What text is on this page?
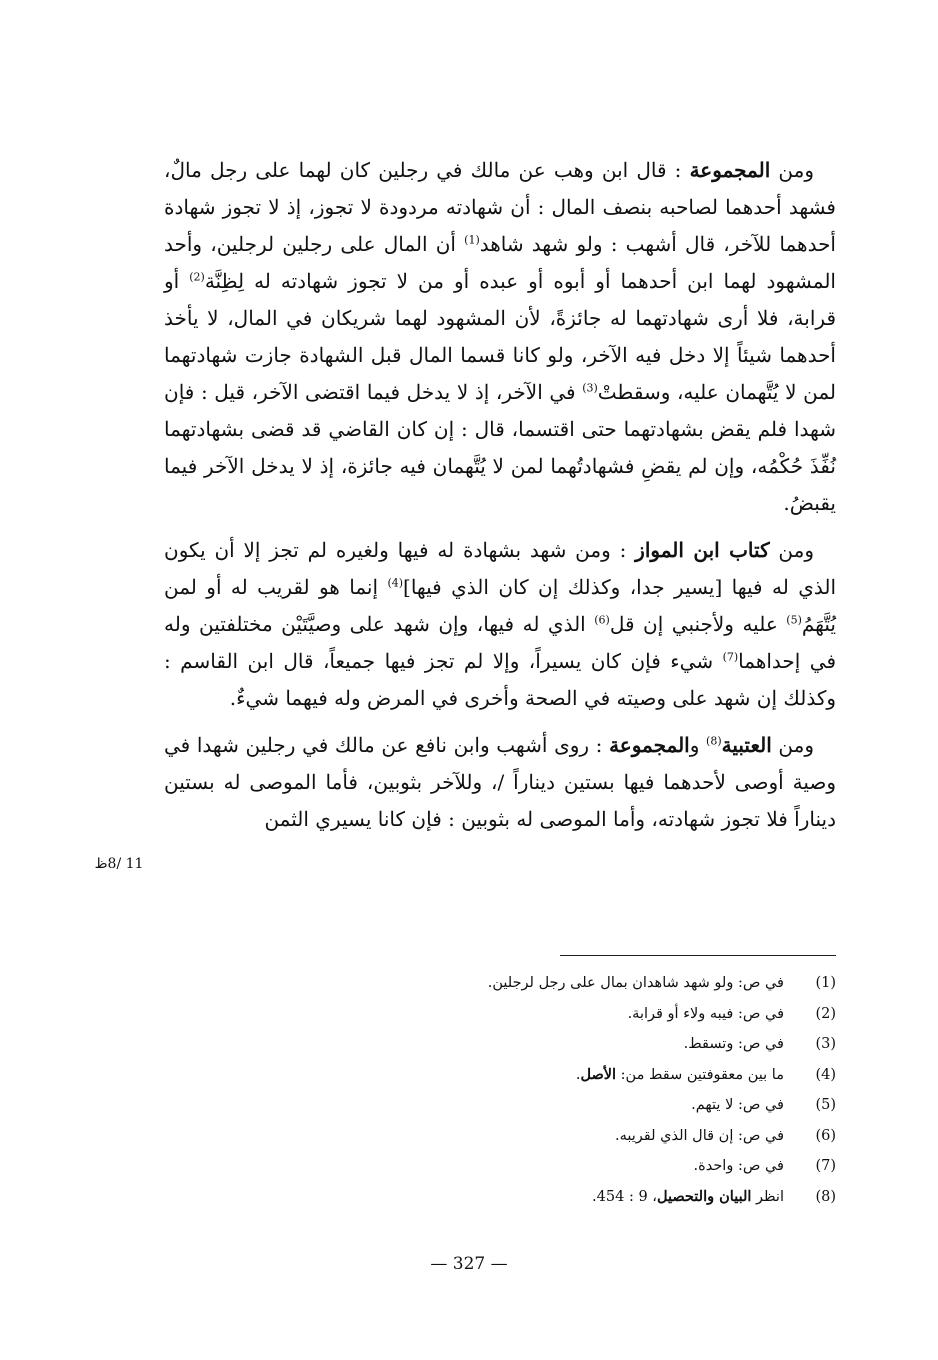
ومن المجموعة : قال ابن وهب عن مالك في رجلين كان لهما على رجل مالٌ، فشهد أحدهما لصاحبه بنصف المال : أن شهادته مردودة لا تجوز، إذ لا تجوز شهادة أحدهما للآخر، قال أشهب : ولو شهد شاهد$^{(1)}$ أن المال على رجلين لرجلين، وأحد المشهود لهما ابن أحدهما أو أبوه أو عبده أو من لا تجوز شهادته له لِظِنَّة$^{(2)}$ أو قرابة، فلا أرى شهادتهما له جائزةً، لأن المشهود لهما شريكان في المال، لا يأخذ أحدهما شيئاً إلا دخل فيه الآخر، ولو كانا قسما المال قبل الشهادة جازت شهادتهما لمن لا يُتَّهمان عليه، وسقطتْ$^{(3)}$ في الآخر، إذ لا يدخل فيما اقتضى الآخر، قيل : فإن شهدا فلم يقض بشهادتهما حتى اقتسما، قال : إن كان القاضي قد قضى بشهادتهما نُفِّذَ حُكْمُه، وإن لم يقضِ فشهادتُهما لمن لا يُتَّهمان فيه جائزة، إذ لا يدخل الآخر فيما يقبضُ.

ومن كتاب ابن المواز : ومن شهد بشهادة له فيها ولغيره لم تجز إلا أن يكون الذي له فيها [يسير جدا، وكذلك إن كان الذي فيها]$^{(4)}$ إنما هو لقريب له أو لمن يُتَّهَمُ$^{(5)}$ عليه ولأجنبي إن قل$^{(6)}$ الذي له فيها، وإن شهد على وصيَّتَيْن مختلفتين وله في إحداهما$^{(7)}$ شيء فإن كان يسيراً، وإلا لم تجز فيها جميعاً، قال ابن القاسم : وكذلك إن شهد على وصيته في الصحة وأخرى في المرض وله فيهما شيءٌ.

ومن العتبية$^{(8)}$ والمجموعة : روى أشهب وابن نافع عن مالك في رجلين شهدا في وصية أوصى لأحدهما فيها بستين ديناراً /، وللآخر بثوبين، فأما الموصى له بستين ديناراً فلا تجوز شهادته، وأما الموصى له بثوبين : فإن كانا يسيري الثمن

11 /8ظ
(1)
في ص: ولو شهد شاهدان بمال على رجل لرجلين.
(2)
في ص: فيبه ولاء أو قرابة.
(3)
في ص: وتسقط.
(4)
ما بين معقوفتين سقط من: الأصل.
(5)
في ص: لا يتهم.
(6)
في ص: إن قال الذي لقريبه.
(7)
في ص: واحدة.
(8)
انظر البيان والتحصيل، 9 : 454.
— 327 —
